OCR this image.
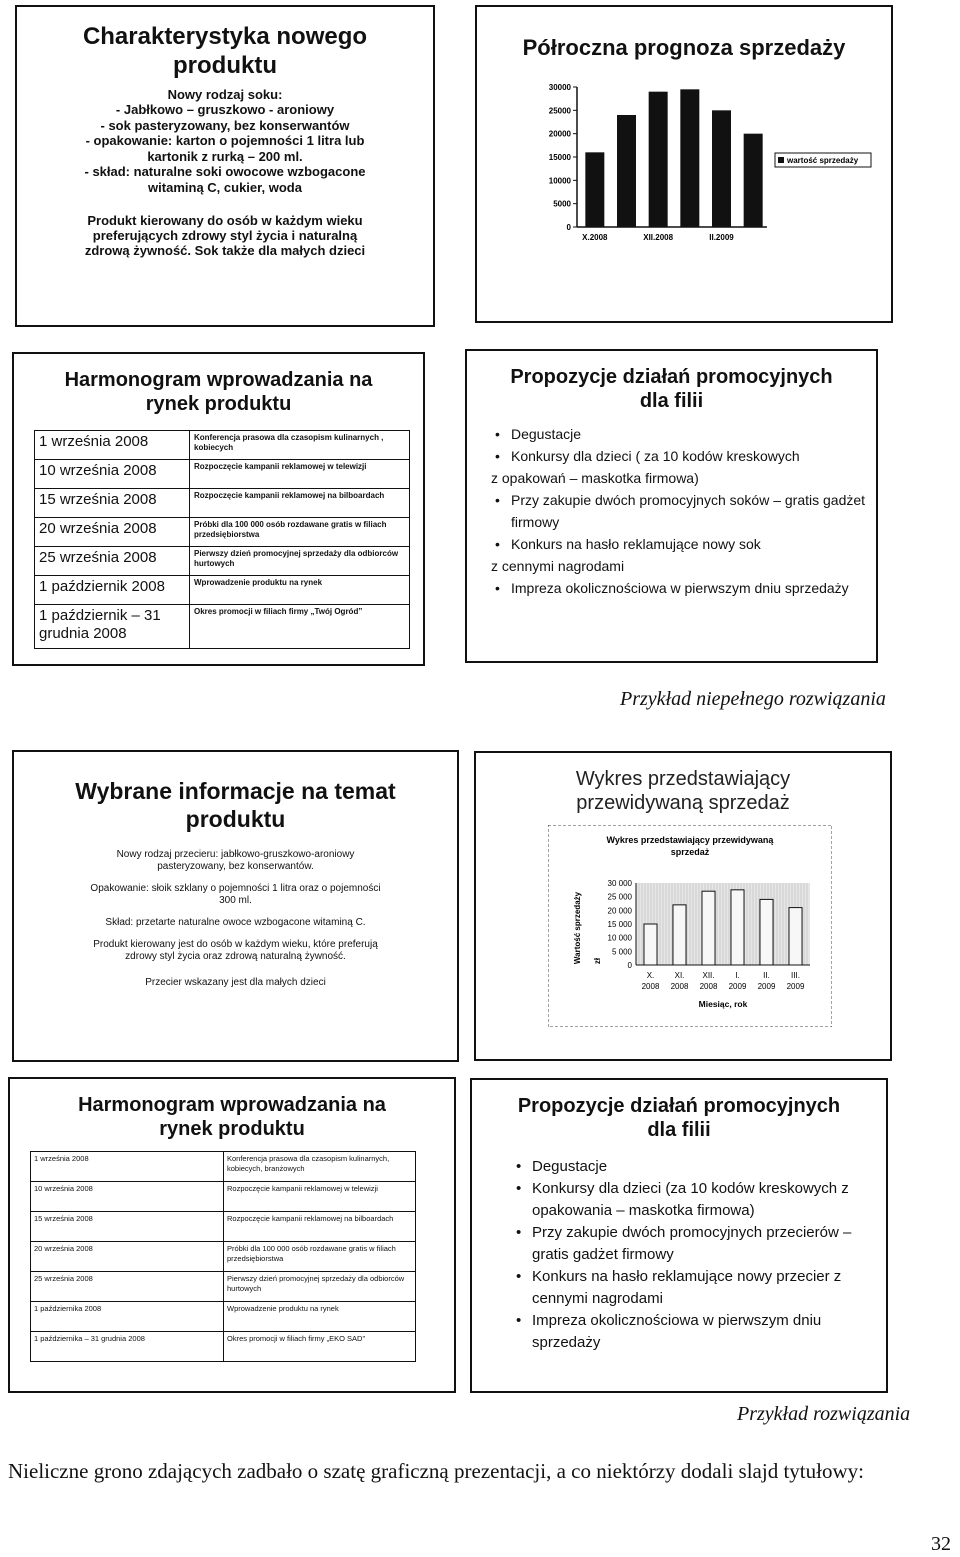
Charakterystyka nowego produktu

Nowy rodzaj soku:

- Jabłkowo – gruszkowo - aroniowy

- sok pasteryzowany, bez konserwantów

- opakowanie: karton o pojemności 1 litra lub

kartonik z rurką – 200 ml.

- skład: naturalne soki owocowe wzbogacone

witaminą C, cukier, woda

Produkt kierowany do osób w każdym wieku

preferujących zdrowy styl życia i naturalną

zdrową żywność. Sok także dla małych dzieci

Półroczna prognoza sprzedaży
30000
25000
20000
15000
10000
5000
0
X.2008	XII.2008	II.2009
wartość sprzedaży
Harmonogram wprowadzania na rynek produktu
1 września 2008	Konferencja prasowa dla czasopism kulinarnych , kobiecych
10 września 2008	Rozpoczęcie kampanii reklamowej w telewizji
15 września 2008	Rozpoczęcie kampanii reklamowej na bilboardach
20 września 2008	Próbki dla 100 000 osób rozdawane gratis w filiach przedsiębiorstwa
25 września 2008	Pierwszy dzień promocyjnej sprzedaży dla odbiorców hurtowych
1 październik 2008	Wprowadzenie produktu na rynek
1 październik – 31 grudnia 2008	Okres promocji w filiach firmy „Twój Ogród”
Propozycje działań promocyjnych dla filii
• Degustacje
• Konkursy dla dzieci ( za 10 kodów kreskowych
z opakowań – maskotka firmowa)
• Przy zakupie dwóch promocyjnych soków – gratis gadżet firmowy
• Konkurs na hasło reklamujące nowy sok
z cennymi nagrodami
• Impreza okolicznościowa w pierwszym dniu sprzedaży
Przykład niepełnego rozwiązania
Wybrane informacje na temat produktu

Nowy rodzaj przecieru: jabłkowo-gruszkowo-aroniowy pasteryzowany, bez konserwantów.

Opakowanie: słoik szklany o pojemności 1 litra oraz o pojemności 300 ml.

Skład: przetarte naturalne owoce wzbogacone witaminą C.

Produkt kierowany jest do osób w każdym wieku, które preferują zdrowy styl życia oraz zdrową naturalną żywność.

Przecier wskazany jest dla małych dzieci

Wykres przedstawiający przewidywaną sprzedaż
Wykres przedstawiający przewidywaną
sprzedaż
30 000
25 000
20 000
15 000
10 000
5 000
0
X.
2008
XI.
2008
XII.
2008
I.
2009
II.
2009
III.
2009
Miesiąc, rok
Wartość sprzedaży zł
Harmonogram wprowadzania na rynek produktu
1 września 2008	Konferencja prasowa dla czasopism kulinarnych, kobiecych, branżowych
10 września 2008	Rozpoczęcie kampanii reklamowej w telewizji
15 września 2008	Rozpoczęcie kampanii reklamowej na bilboardach
20 września 2008	Próbki dla 100 000 osób rozdawane gratis w filiach przedsiębiorstwa
25 września 2008	Pierwszy dzień promocyjnej sprzedaży dla odbiorców hurtowych
1 października 2008	Wprowadzenie produktu na rynek
1 października – 31 grudnia 2008	Okres promocji w filiach firmy „EKO SAD”
Propozycje działań promocyjnych dla filii
• Degustacje
• Konkursy dla dzieci (za 10 kodów kreskowych z opakowania – maskotka firmowa)
• Przy zakupie dwóch promocyjnych przecierów – gratis gadżet firmowy
• Konkurs na hasło reklamujące nowy przecier z cennymi nagrodami
• Impreza okolicznościowa w pierwszym dniu sprzedaży
Przykład rozwiązania
Nieliczne grono zdających zadbało o szatę graficzną prezentacji, a co niektórzy dodali slajd tytułowy:
32
